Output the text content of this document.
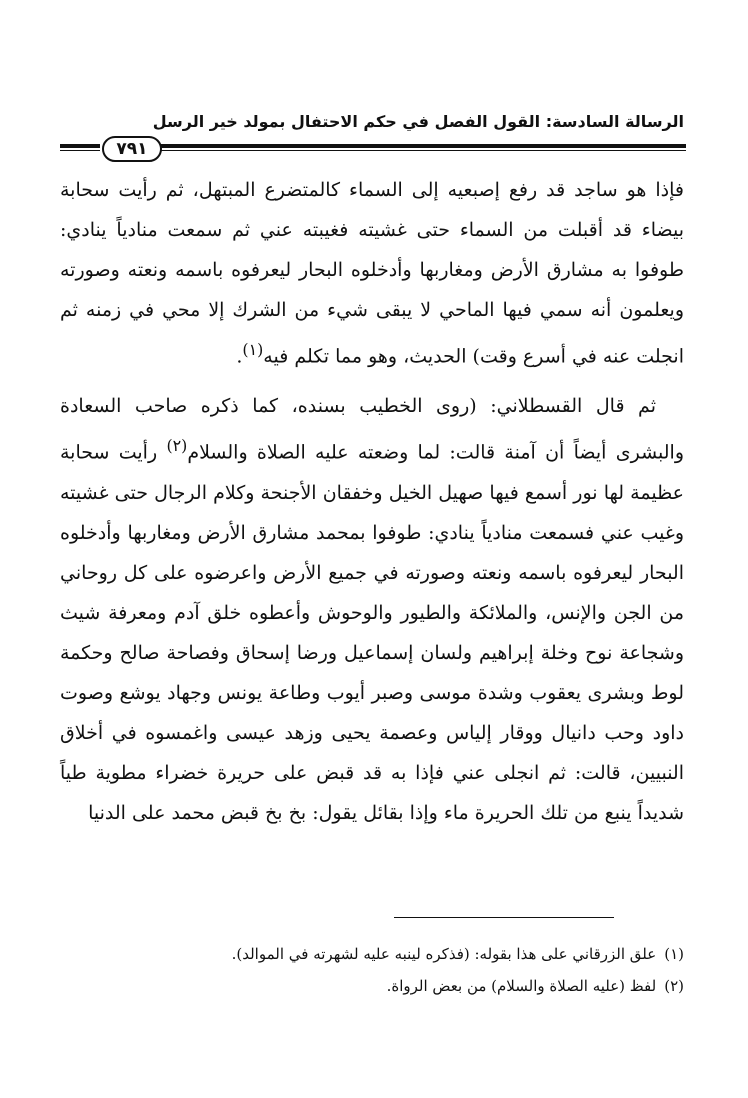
الرسالة السادسة: القول الفصل في حكم الاحتفال بمولد خير الرسل
٧٩١

فإذا هو ساجد قد رفع إصبعيه إلى السماء كالمتضرع المبتهل، ثم رأيت سحابة بيضاء قد أقبلت من السماء حتى غشيته فغيبته عني ثم سمعت منادياً ينادي: طوفوا به مشارق الأرض ومغاربها وأدخلوه البحار ليعرفوه باسمه ونعته وصورته ويعلمون أنه سمي فيها الماحي لا يبقى شيء من الشرك إلا محي في زمنه ثم انجلت عنه في أسرع وقت) الحديث، وهو مما تكلم فيه$^{(١)}$.

ثم قال القسطلاني: (روى الخطيب بسنده، كما ذكره صاحب السعادة والبشرى أيضاً أن آمنة قالت: لما وضعته عليه الصلاة والسلام$^{(٢)}$ رأيت سحابة عظيمة لها نور أسمع فيها صهيل الخيل وخفقان الأجنحة وكلام الرجال حتى غشيته وغيب عني فسمعت منادياً ينادي: طوفوا بمحمد مشارق الأرض ومغاربها وأدخلوه البحار ليعرفوه باسمه ونعته وصورته في جميع الأرض واعرضوه على كل روحاني من الجن والإنس، والملائكة والطيور والوحوش وأعطوه خلق آدم ومعرفة شيث وشجاعة نوح وخلة إبراهيم ولسان إسماعيل ورضا إسحاق وفصاحة صالح وحكمة لوط وبشرى يعقوب وشدة موسى وصبر أيوب وطاعة يونس وجهاد يوشع وصوت داود وحب دانيال ووقار إلياس وعصمة يحيى وزهد عيسى واغمسوه في أخلاق النبيين، قالت: ثم انجلى عني فإذا به قد قبض على حريرة خضراء مطوية طياً شديداً ينبع من تلك الحريرة ماء وإذا بقائل يقول: بخ بخ قبض محمد على الدنيا

(١)علق الزرقاني على هذا بقوله: (فذكره لينبه عليه لشهرته في الموالد).
(٢)لفظ (عليه الصلاة والسلام) من بعض الرواة.
